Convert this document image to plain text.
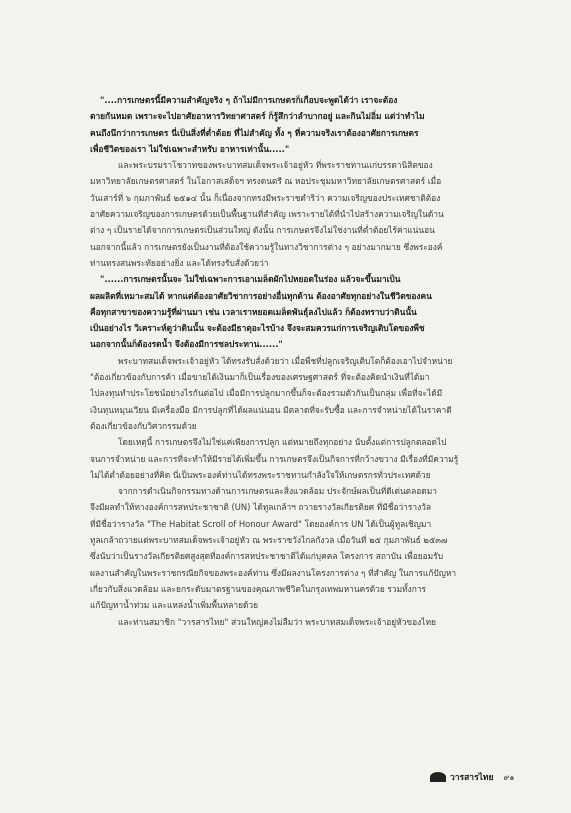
"....การเกษตรนี้มีความสำคัญจริง ๆ ถ้าไม่มีการเกษตรก็เกือบจะพูดได้ว่า เราจะต้อง
ตายกันหมด เพราะจะไปอาศัยอาหารวิทยาศาสตร์ ก็รู้สึกว่าลำบากอยู่ และกินไม่อิ่ม แต่ว่าทำไม
คนถึงนึกว่าการเกษตร นี่เป็นสิ่งที่ต่ำต้อย ที่ไม่สำคัญ ทั้ง ๆ ที่ความจริงเราต้องอาศัยการเกษตร
เพื่อชีวิตของเรา ไม่ใช่เฉพาะสำหรับ อาหารเท่านั้น....."
และพระบรมราโชวาทของพระบาทสมเด็จพระเจ้าอยู่หัว ที่พระราชทานแก่บรรดานิสิตของ
มหาวิทยาลัยเกษตรศาสตร์ ในโอกาสเสด็จฯ ทรงดนตรี ณ หอประชุมมหาวิทยาลัยเกษตรศาสตร์ เมื่อ
วันเสาร์ที่ ๖ กุมภาพันธ์ ๒๕๑๔ นั้น ก็เนื่องจากทรงมีพระราชดำริว่า ความเจริญของประเทศชาติต้อง
อาศัยความเจริญของการเกษตรด้วยเป็นพื้นฐานที่สำคัญ เพราะรายได้ที่นำไปสร้างความเจริญในด้าน
ต่าง ๆ เป็นรายได้จากการเกษตรเป็นส่วนใหญ่ ดังนั้น การเกษตรจึงไม่ใช่งานที่ต่ำต้อยไร้ค่าแน่นอน
นอกจากนี้แล้ว การเกษตรยังเป็นงานที่ต้องใช้ความรู้ในทางวิชาการต่าง ๆ อย่างมากมาย ซึ่งพระองค์
ท่านทรงสนพระทัยอย่างยิ่ง และได้ทรงรับสั่งด้วยว่า
"......การเกษตรนั้นจะ ไม่ใช่เฉพาะการเอาเมล็ดผักไปหยอดในร่อง แล้วจะขึ้นมาเป็น
ผลผลิตที่เหมาะสมได้ หากแต่ต้องอาศัยวิชาการอย่างอื่นทุกด้าน ต้องอาศัยทุกอย่างในชีวิตของคน
คือทุกสาขาของความรู้ที่ผ่านมา เช่น เวลาเราหยอดเมล็ดพันธุ์ลงไปแล้ว ก็ต้องทราบว่าดินนั้น
เป็นอย่างไร วิเคราะห์ดูว่าดินนั้น จะต้องมีธาตุอะไรบ้าง จึงจะสมควรแก่การเจริญเติบโตของพืช
นอกจากนั้นก็ต้องรดน้ำ จึงต้องมีการชลประทาน......"
พระบาทสมเด็จพระเจ้าอยู่หัว ได้ทรงรับสั่งด้วยว่า เมื่อพืชที่ปลูกเจริญเติบโตก็ต้องเอาไปจำหน่าย
"ต้องเกี่ยวข้องกับการค้า เมื่อขายได้เงินมาก็เป็นเรื่องของเศรษฐศาสตร์ ที่จะต้องคิดนำเงินที่ได้มา
ไปลงทุนทำประโยชน์อย่างไรกันต่อไป เมื่อมีการปลูกมากขึ้นก็จะต้องรวมตัวกันเป็นกลุ่ม เพื่อที่จะได้มี
เงินทุนหมุนเวียน มีเครื่องมือ มีการปลูกที่ได้ผลแน่นอน มีตลาดที่จะรับซื้อ และการจำหน่ายได้ในราคาดี
ต้องเกี่ยวข้องกับวิศวกรรมด้วย
โดยเหตุนี้ การเกษตรจึงไม่ใช่แค่เพียงการปลูก แต่หมายถึงทุกอย่าง นับตั้งแต่การปลูกตลอดไป
จนการจำหน่าย และการที่จะทำให้มีรายได้เพิ่มขึ้น การเกษตรจึงเป็นกิจการที่กว้างขวาง มีเรื่องที่มีความรู้
ไม่ได้ต่ำต้อยอย่างที่คิด นี่เป็นพระองค์ท่านได้ทรงพระราชทานกำลังใจให้เกษตรกรทั่วประเทศด้วย
จากการดำเนินกิจกรรมทางด้านการเกษตรและสิ่งแวดล้อม ประจักษ์ผลเป็นที่ดีเด่นตลอดมา
จึงมีผลทำให้ทางองค์การสหประชาชาติ (UN) ได้ทูลเกล้าฯ ถวายรางวัลเกียรติยศ ที่มีชื่อว่ารางวัล
ที่มีชื่อว่ารางวัล "The Habitat Scroll of Honour Award" โดยองค์การ UN ได้เป็นผู้ทูลเชิญมา
ทูลเกล้าถวายแด่พระบาทสมเด็จพระเจ้าอยู่หัว ณ พระราชวังไกลกังวล เมื่อวันที่ ๒๕ กุมภาพันธ์ ๒๕๓๗
ซึ่งนับว่าเป็นรางวัลเกียรติยศสูงสุดที่องค์การสหประชาชาติได้แก่บุคคล โครงการ สถาบัน เพื่อยอมรับ
ผลงานสำคัญในพระราชกรณียกิจของพระองค์ท่าน ซึ่งมีผลงานโครงการต่าง ๆ ที่สำคัญ ในการแก้ปัญหา
เกี่ยวกับสิ่งแวดล้อม และยกระดับมาตรฐานของคุณภาพชีวิตในกรุงเทพมหานครด้วย รวมทั้งการ
แก้ปัญหาน้ำท่วม และแหล่งน้ำเพิ่มพื้นหลายด้วย
และท่านสมาชิก "วารสารไทย" ส่วนใหญ่คงไม่ลืมว่า พระบาทสมเด็จพระเจ้าอยู่หัวของไทย
วารสารไทย ๙๑
